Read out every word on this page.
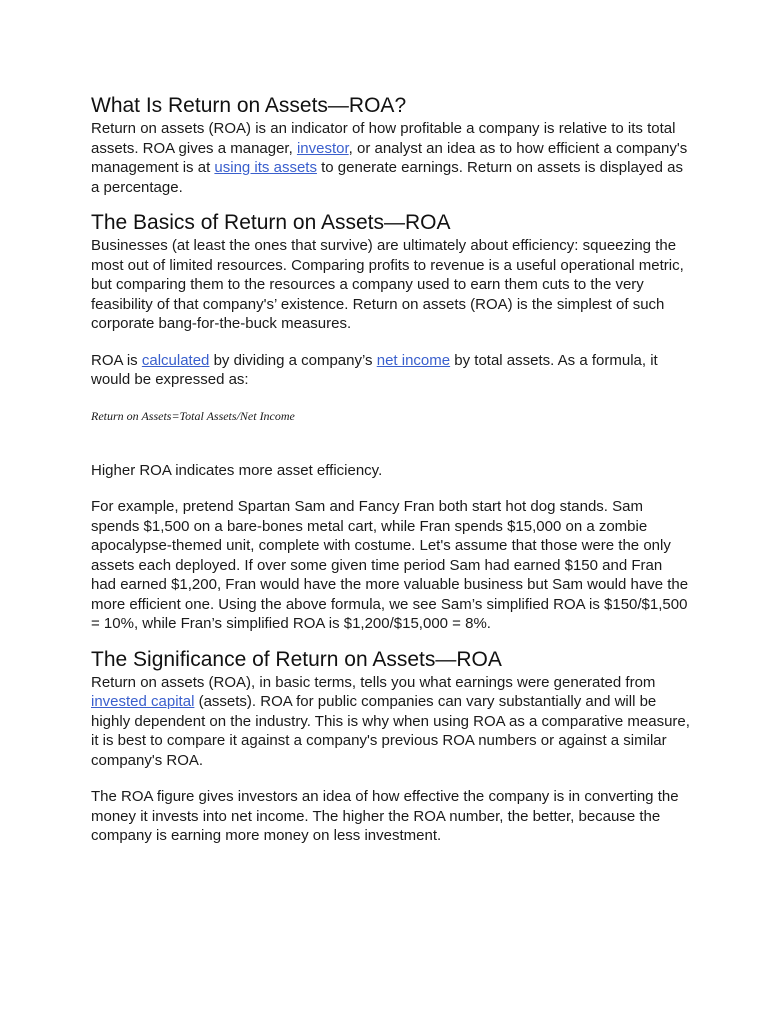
What Is Return on Assets—ROA?

Return on assets (ROA) is an indicator of how profitable a company is relative to its total assets. ROA gives a manager, investor, or analyst an idea as to how efficient a company's management is at using its assets to generate earnings. Return on assets is displayed as a percentage.

The Basics of Return on Assets—ROA

Businesses (at least the ones that survive) are ultimately about efficiency: squeezing the most out of limited resources. Comparing profits to revenue is a useful operational metric, but comparing them to the resources a company used to earn them cuts to the very feasibility of that company's’ existence. Return on assets (ROA) is the simplest of such corporate bang-for-the-buck measures.

ROA is calculated by dividing a company’s net income by total assets. As a formula, it would be expressed as:

Return on Assets=Total Assets/Net Income

Higher ROA indicates more asset efficiency.

For example, pretend Spartan Sam and Fancy Fran both start hot dog stands. Sam spends $1,500 on a bare-bones metal cart, while Fran spends $15,000 on a zombie apocalypse-themed unit, complete with costume. Let's assume that those were the only assets each deployed. If over some given time period Sam had earned $150 and Fran had earned $1,200, Fran would have the more valuable business but Sam would have the more efficient one. Using the above formula, we see Sam’s simplified ROA is $150/$1,500 = 10%, while Fran’s simplified ROA is $1,200/$15,000 = 8%.

The Significance of Return on Assets—ROA

Return on assets (ROA), in basic terms, tells you what earnings were generated from invested capital (assets). ROA for public companies can vary substantially and will be highly dependent on the industry. This is why when using ROA as a comparative measure, it is best to compare it against a company's previous ROA numbers or against a similar company's ROA.

The ROA figure gives investors an idea of how effective the company is in converting the money it invests into net income. The higher the ROA number, the better, because the company is earning more money on less investment.
